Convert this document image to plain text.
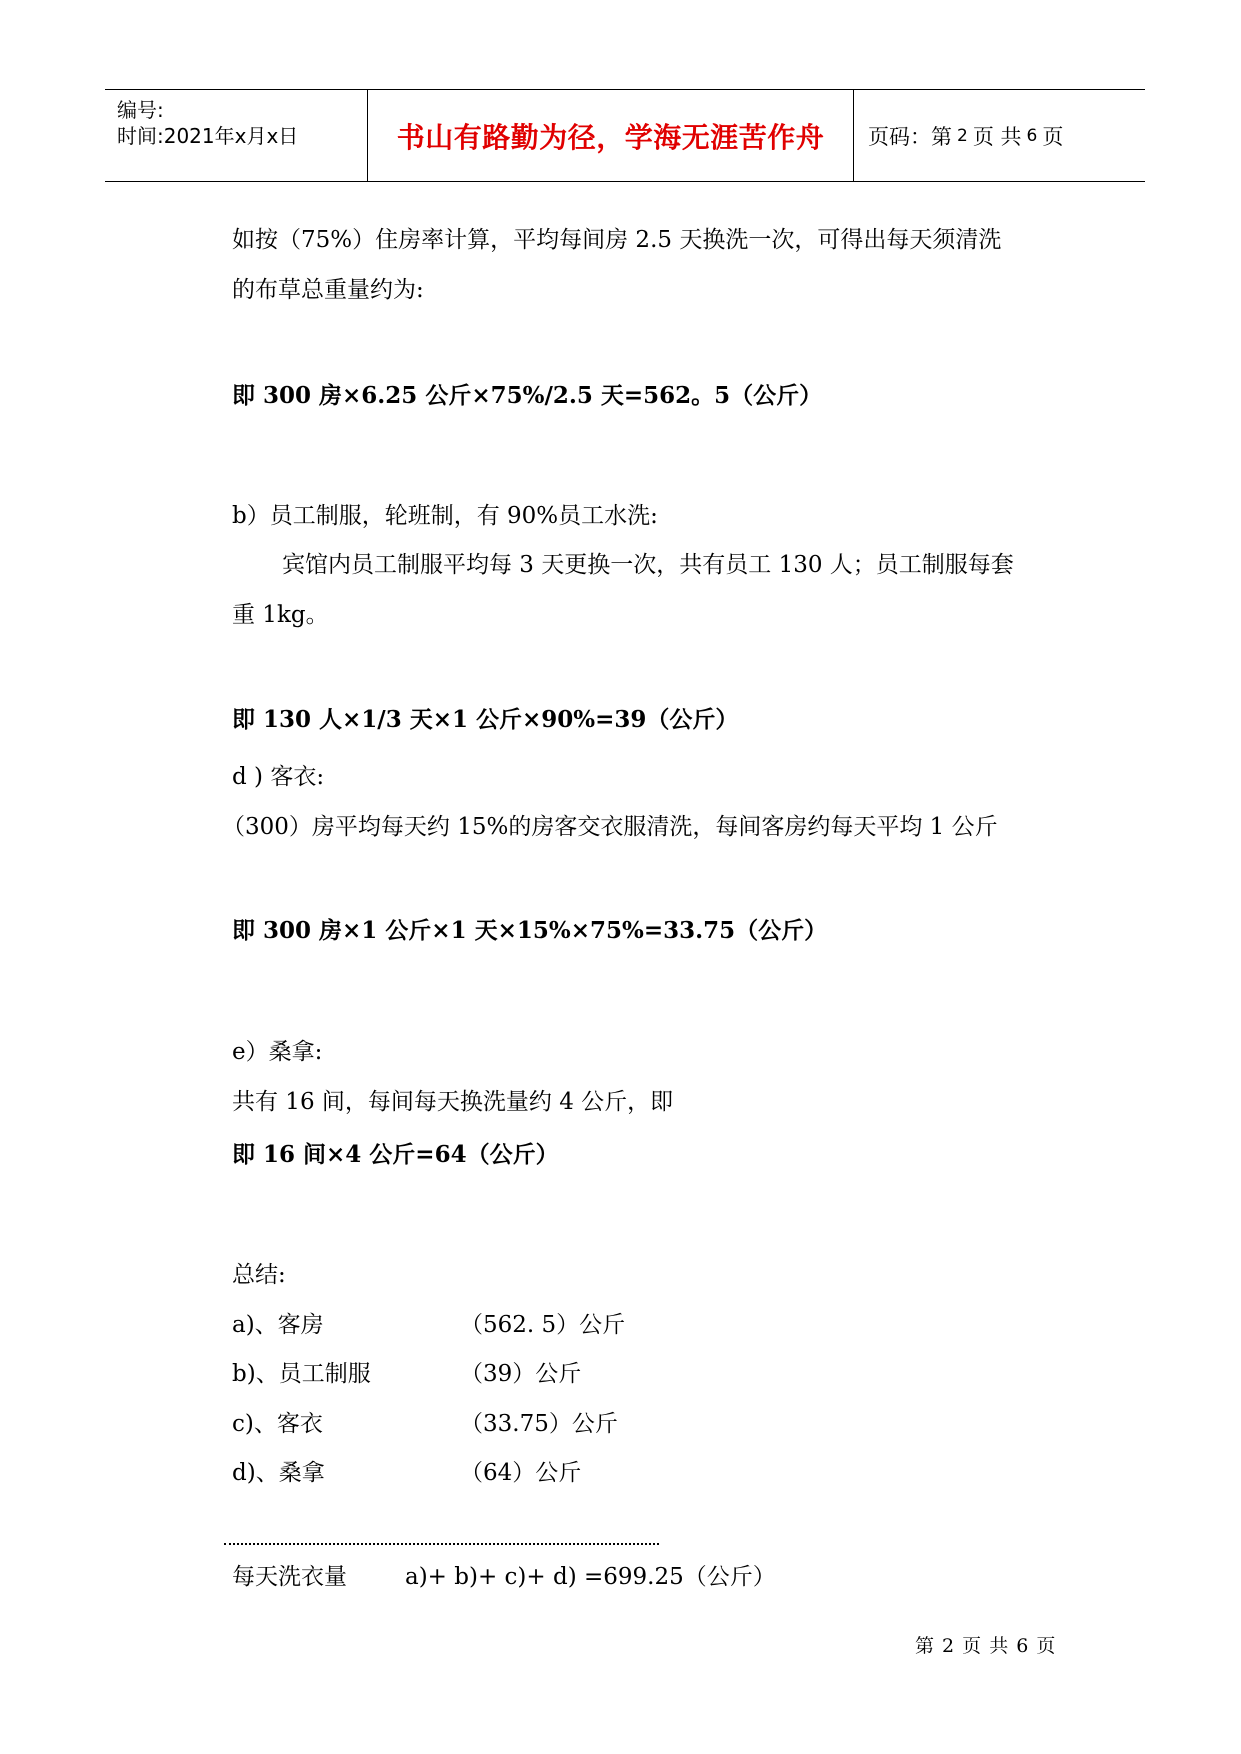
编号:
时间:2021年x月x日	书山有路勤为径，学海无涯苦作舟 页码：第 2 页 共 6 页
如按（75%）住房率计算，平均每间房 2.5 天换洗一次，可得出每天须清洗
的布草总重量约为:
即 300 房×6.25 公斤×75%/2.5 天=562。5（公斤）
b）员工制服，轮班制，有 90%员工水洗:
宾馆内员工制服平均每 3 天更换一次，共有员工 130 人；员工制服每套
重 1kg。
即 130 人×1/3 天×1 公斤×90%=39（公斤）
d ) 客衣:
（300）房平均每天约 15%的房客交衣服清洗，每间客房约每天平均 1 公斤
即 300 房×1 公斤×1 天×15%×75%=33.75（公斤）
e）桑拿:
共有 16 间，每间每天换洗量约 4 公斤，即
即 16 间×4 公斤=64（公斤）
总结:
a)、客房	（562. 5）公斤
b)、员工制服	（39）公斤
c)、客衣	（33.75）公斤
d)、桑拿	（64）公斤
每天洗衣量	a)+ b)+ c)+ d) =699.25（公斤）
第 2 页 共 6 页
